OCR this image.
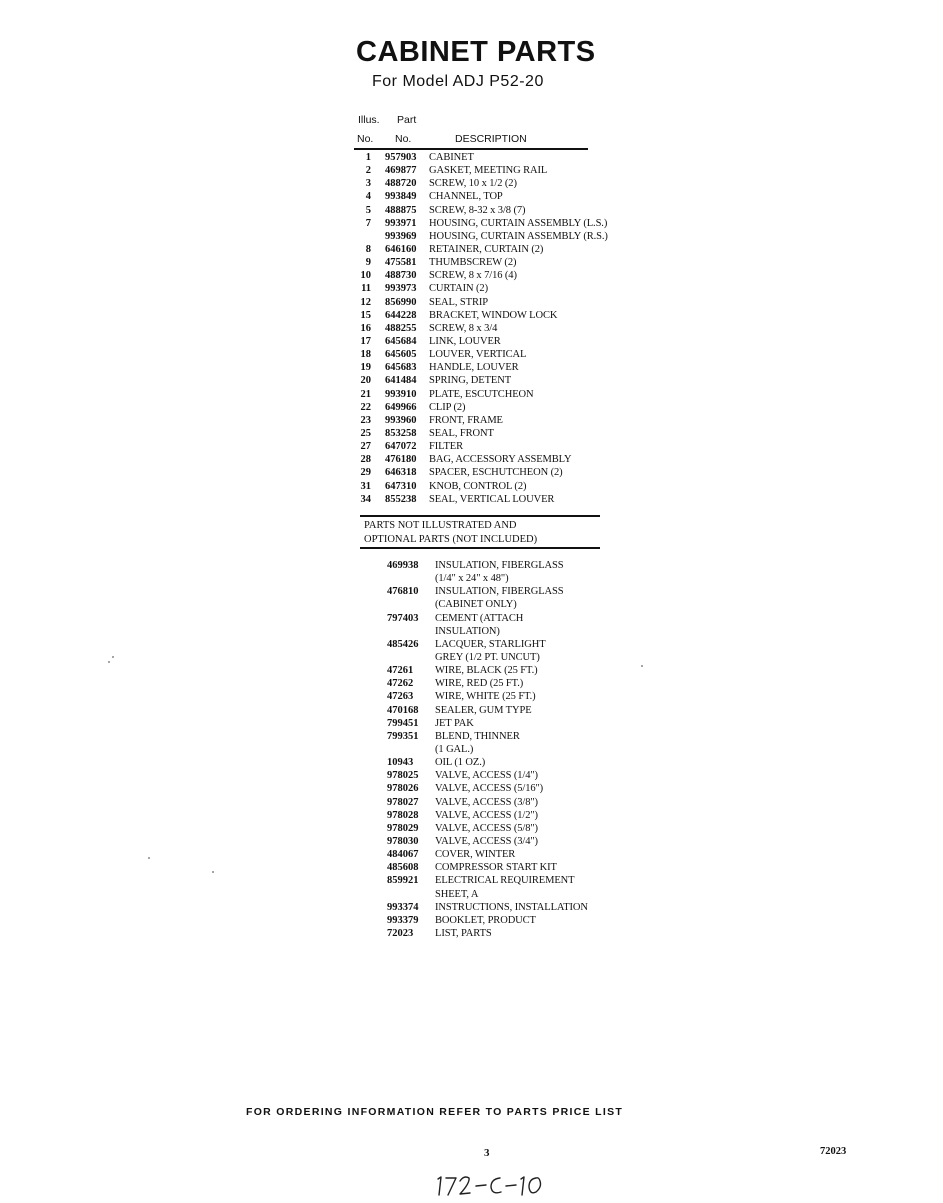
CABINET PARTS
For Model ADJ P52-20
Illus. Part
No. No.	DESCRIPTION
1 957903 CABINET
2 469877 GASKET, MEETING RAIL
3 488720 SCREW, 10 x 1/2 (2)
4 993849 CHANNEL, TOP
5 488875 SCREW, 8-32 x 3/8 (7)
7 993971 HOUSING, CURTAIN ASSEMBLY (L.S.)
993969 HOUSING, CURTAIN ASSEMBLY (R.S.)
8 646160 RETAINER, CURTAIN (2)
9 475581 THUMBSCREW (2)
10 488730 SCREW, 8 x 7/16 (4)
11 993973 CURTAIN (2)
12 856990 SEAL, STRIP
15 644228 BRACKET, WINDOW LOCK
16 488255 SCREW, 8 x 3/4
17 645684 LINK, LOUVER
18 645605 LOUVER, VERTICAL
19 645683 HANDLE, LOUVER
20 641484 SPRING, DETENT
21 993910 PLATE, ESCUTCHEON
22 649966 CLIP (2)
23 993960 FRONT, FRAME
25 853258 SEAL, FRONT
27 647072 FILTER
28 476180 BAG, ACCESSORY ASSEMBLY
29 646318 SPACER, ESCHUTCHEON (2)
31 647310 KNOB, CONTROL (2)
34 855238 SEAL, VERTICAL LOUVER
PARTS NOT ILLUSTRATED AND
OPTIONAL PARTS (NOT INCLUDED)
469938 INSULATION, FIBERGLASS
(1/4" x 24" x 48")
476810 INSULATION, FIBERGLASS
(CABINET ONLY)
797403 CEMENT (ATTACH
INSULATION)
485426 LACQUER, STARLIGHT
GREY (1/2 PT. UNCUT)
47261 WIRE, BLACK (25 FT.)
47262 WIRE, RED (25 FT.)
47263 WIRE, WHITE (25 FT.)
470168 SEALER, GUM TYPE
799451 JET PAK
799351 BLEND, THINNER
(1 GAL.)
10943 OIL (1 OZ.)
978025 VALVE, ACCESS (1/4")
978026 VALVE, ACCESS (5/16")
978027 VALVE, ACCESS (3/8")
978028 VALVE, ACCESS (1/2")
978029 VALVE, ACCESS (5/8")
978030 VALVE, ACCESS (3/4")
484067 COVER, WINTER
485608 COMPRESSOR START KIT
859921 ELECTRICAL REQUIREMENT
SHEET, A
993374 INSTRUCTIONS, INSTALLATION
993379 BOOKLET, PRODUCT
72023 LIST, PARTS
FOR ORDERING INFORMATION REFER TO PARTS PRICE LIST
3	72023
